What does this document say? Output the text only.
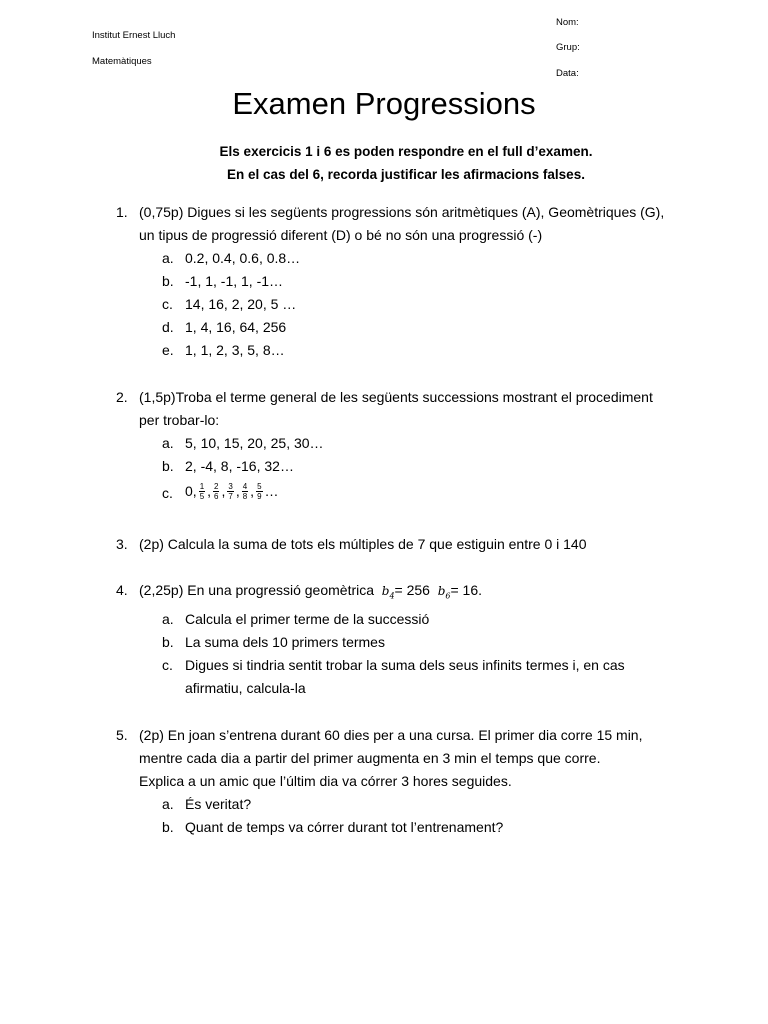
Institut Ernest Lluch
Matemàtiques
Nom:
Grup:
Data:
Examen Progressions
Els exercicis 1 i 6 es poden respondre en el full d’examen.
En el cas del 6, recorda justificar les afirmacions falses.
1. (0,75p) Digues si les següents progressions són aritmètiques (A), Geomètriques (G), un tipus de progressió diferent (D) o bé no són una progressió (-)
a. 0.2, 0.4, 0.6, 0.8…
b. -1, 1, -1, 1, -1…
c. 14, 16, 2, 20, 5 …
d. 1, 4, 16, 64, 256
e. 1, 1, 2, 3, 5, 8…
2. (1,5p)Troba el terme general de les següents successions mostrant el procediment per trobar-lo:
a. 5, 10, 15, 20, 25, 30…
b. 2, -4, 8, -16, 32…
c. 0, $\frac{1}{5}$ , $\frac{2}{6}$ , $\frac{3}{7}$ , $\frac{4}{8}$ , $\frac{5}{9}$ …
3. (2p) Calcula la suma de tots els múltiples de 7 que estiguin entre 0 i 140
4. (2,25p) En una progressió geomètrica $b_4= 256$ $b_6= 16$.
a. Calcula el primer terme de la successió
b. La suma dels 10 primers termes
c. Digues si tindria sentit trobar la suma dels seus infinits termes i, en cas afirmatiu, calcula-la
5. (2p) En joan s’entrena durant 60 dies per a una cursa. El primer dia corre 15 min, mentre cada dia a partir del primer augmenta en 3 min el temps que corre.
Explica a un amic que l’últim dia va córrer 3 hores seguides.
a. És veritat?
b. Quant de temps va córrer durant tot l’entrenament?
